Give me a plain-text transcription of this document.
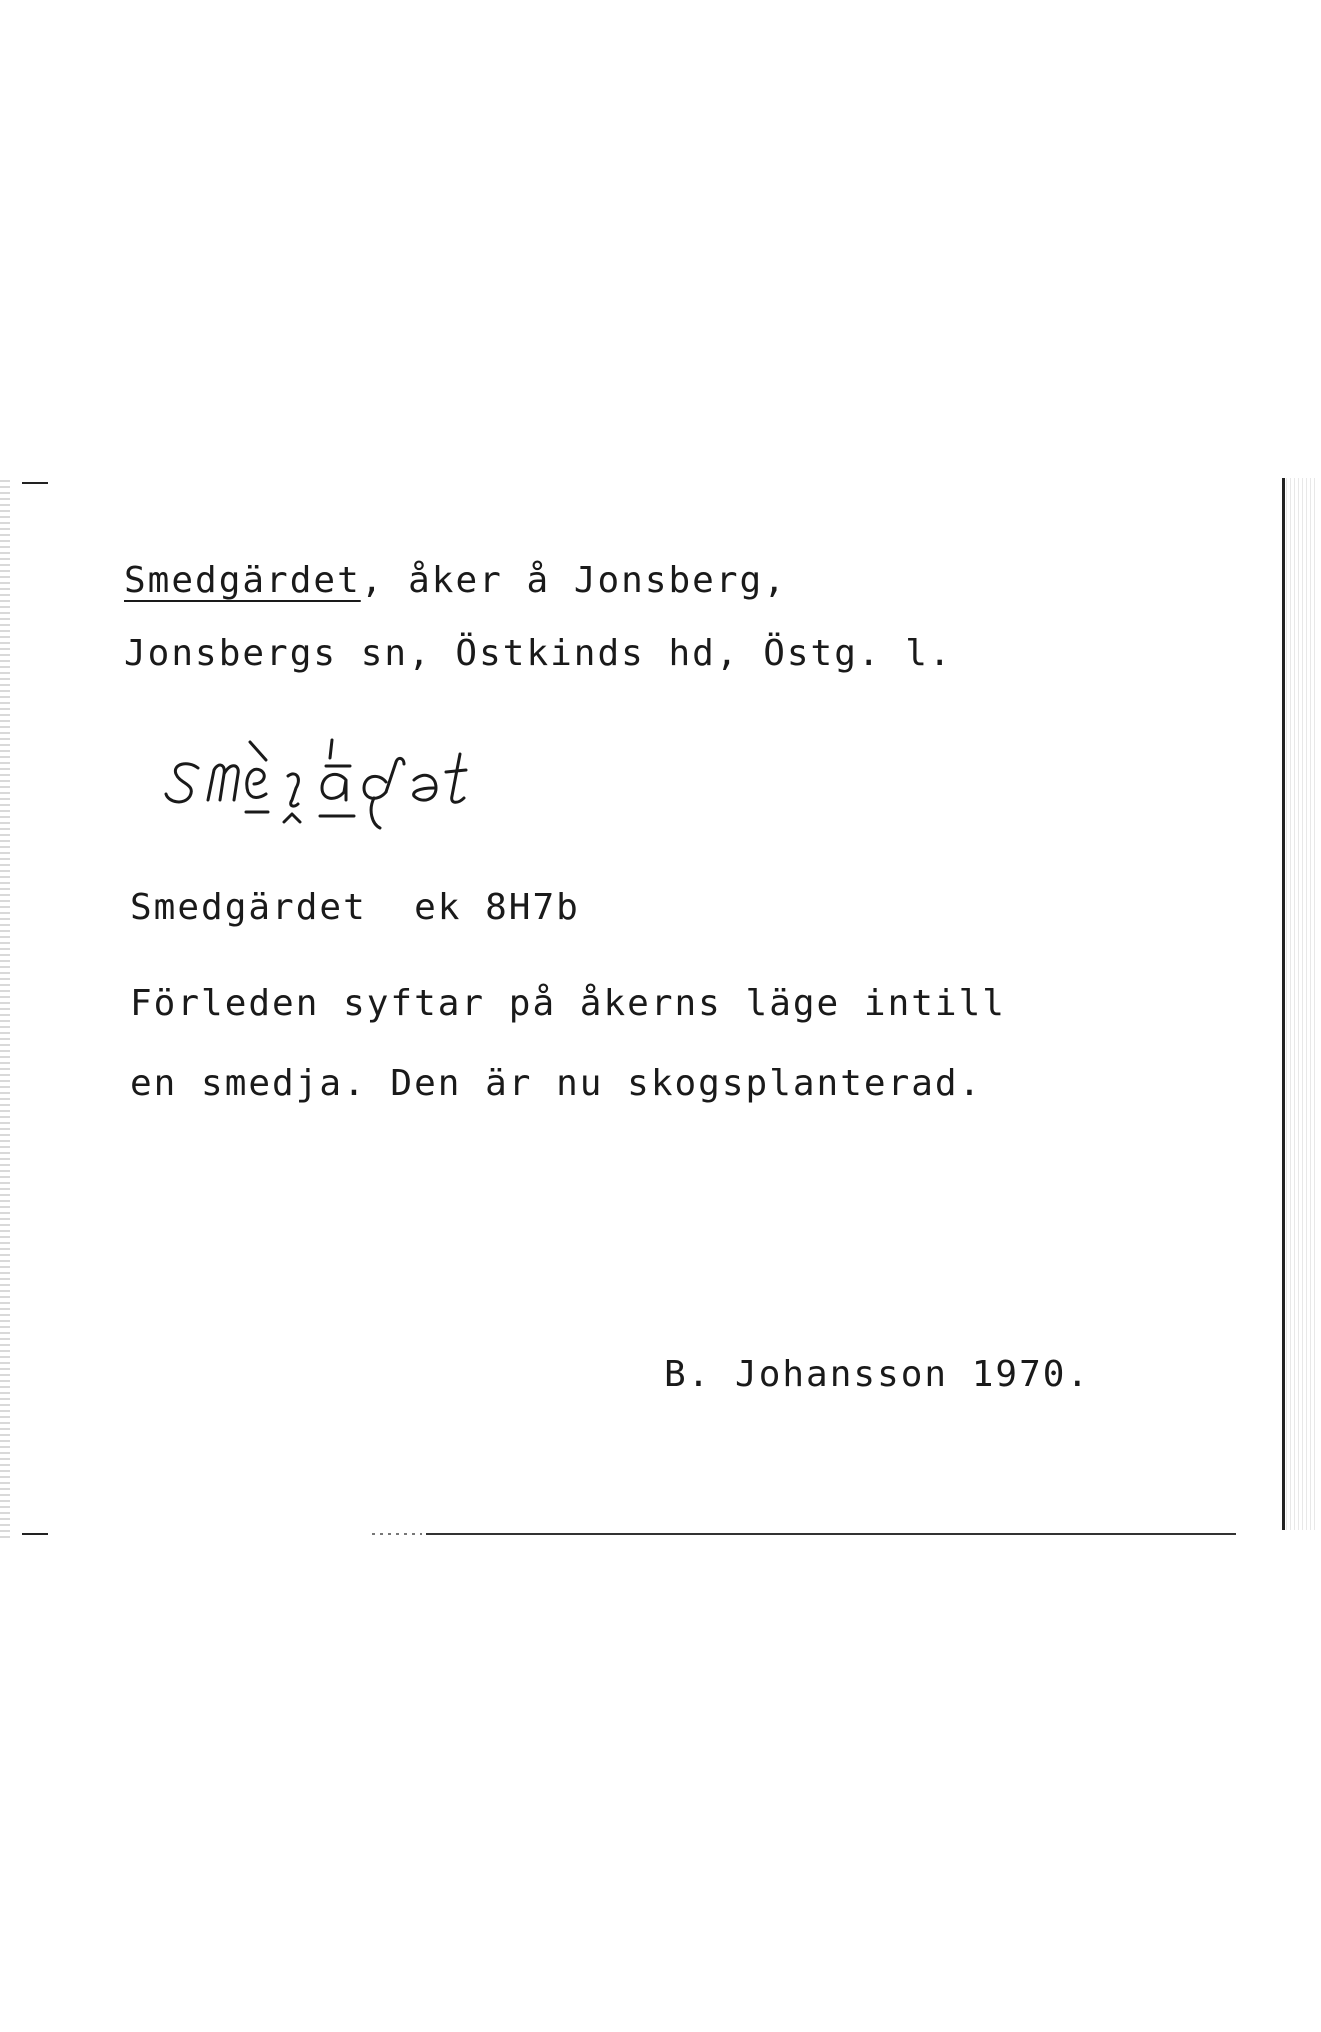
Smedgärdet, åker å Jonsberg,
Jonsbergs sn, Östkinds hd, Östg. l.
Smedgärdet  ek 8H7b
Förleden syftar på åkerns läge intill
en smedja. Den är nu skogsplanterad.
B. Johansson 1970.
